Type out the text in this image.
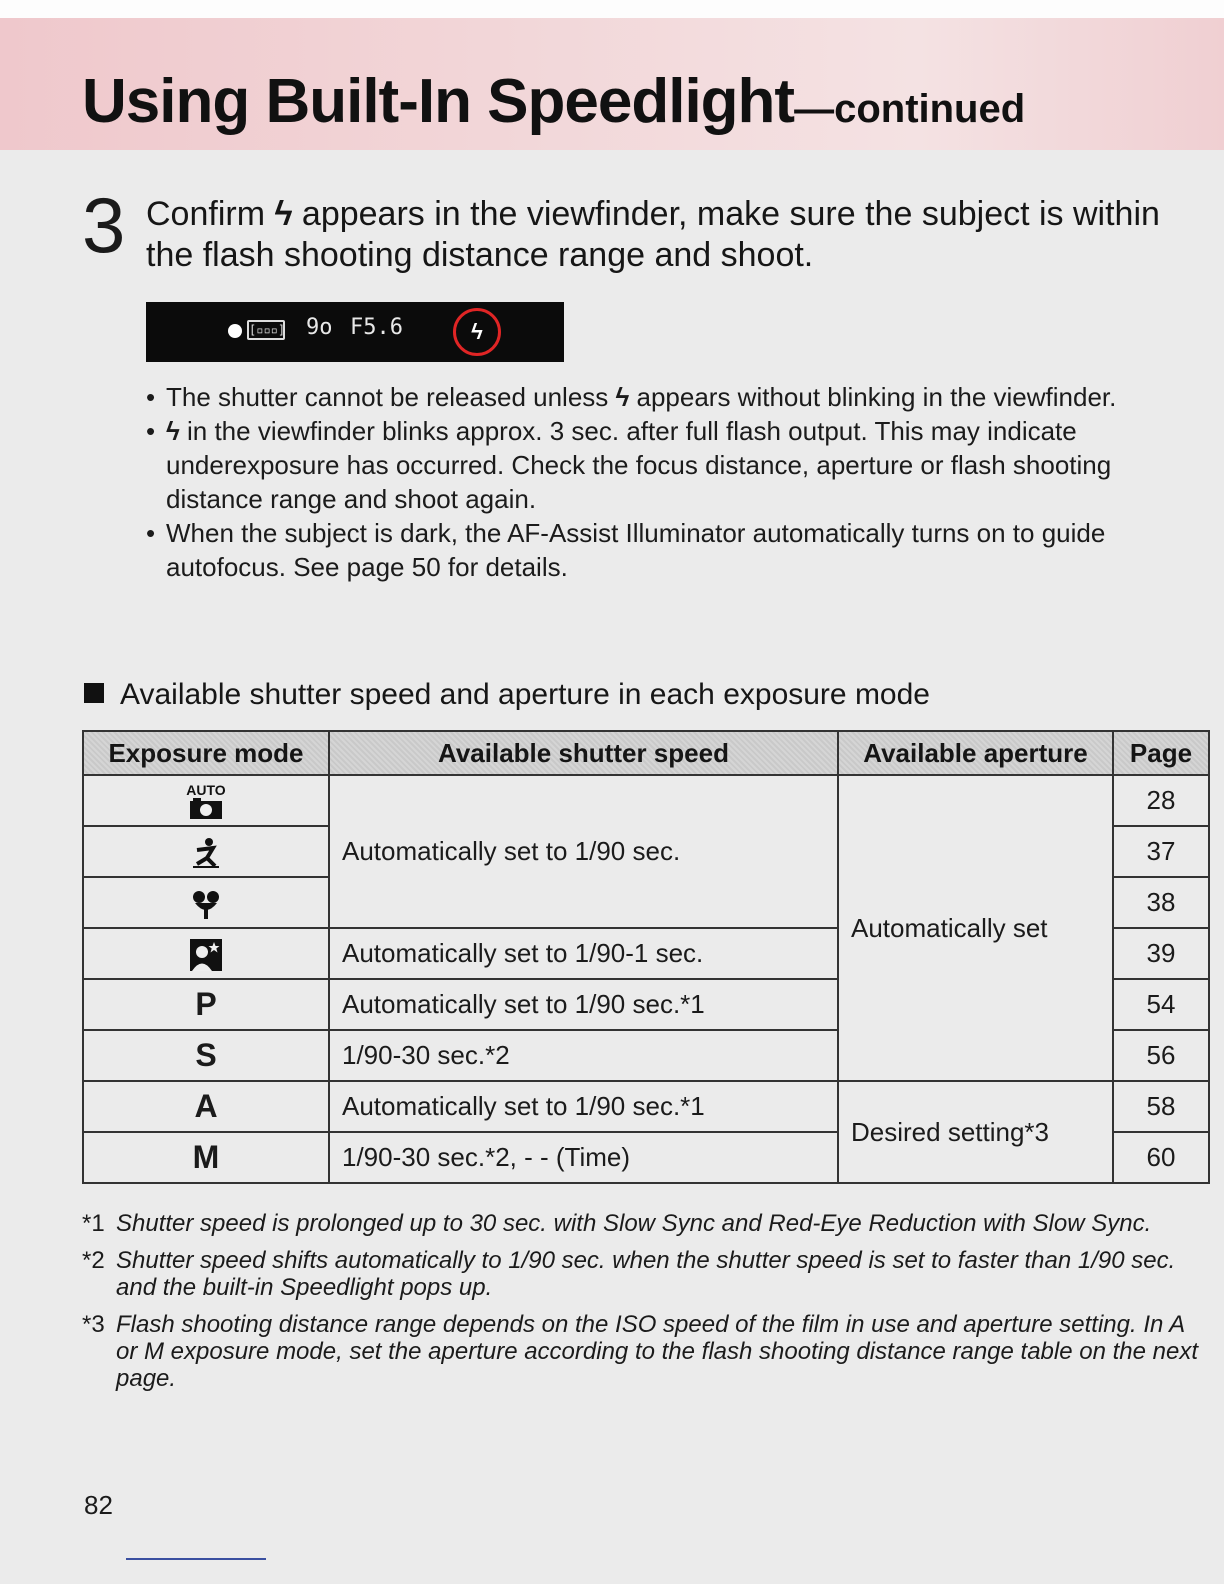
Using Built-In Speedlight—continued
3 Confirm ϟ appears in the viewfinder, make sure the subject is within the flash shooting distance range and shoot.
[▫▫▫] 9o F5.6	ϟ
• The shutter cannot be released unless ϟ appears without blinking in the viewfinder.
• ϟ in the viewfinder blinks approx. 3 sec. after full flash output. This may indicate underexposure has occurred. Check the focus distance, aperture or flash shooting distance range and shoot again.
• When the subject is dark, the AF-Assist Illuminator automatically turns on to guide autofocus. See page 50 for details.
Available shutter speed and aperture in each exposure mode
Exposure mode	Available shutter speed	Available aperture	Page

AUTO	Automatically set to 1/90 sec.	Automatically set	28
	37
	38
	Automatically set to 1/90-1 sec.		39
P	Automatically set to 1/90 sec.*1		54
S	1/90-30 sec.*2		56
A	Automatically set to 1/90 sec.*1	Desired setting*3	58
M	1/90-30 sec.*2, - - (Time)		60
*1 Shutter speed is prolonged up to 30 sec. with Slow Sync and Red-Eye Reduction with Slow Sync.
*2 Shutter speed shifts automatically to 1/90 sec. when the shutter speed is set to faster than 1/90 sec. and the built-in Speedlight pops up.
*3 Flash shooting distance range depends on the ISO speed of the film in use and aperture setting. In A or M exposure mode, set the aperture according to the flash shooting distance range table on the next page.
82
